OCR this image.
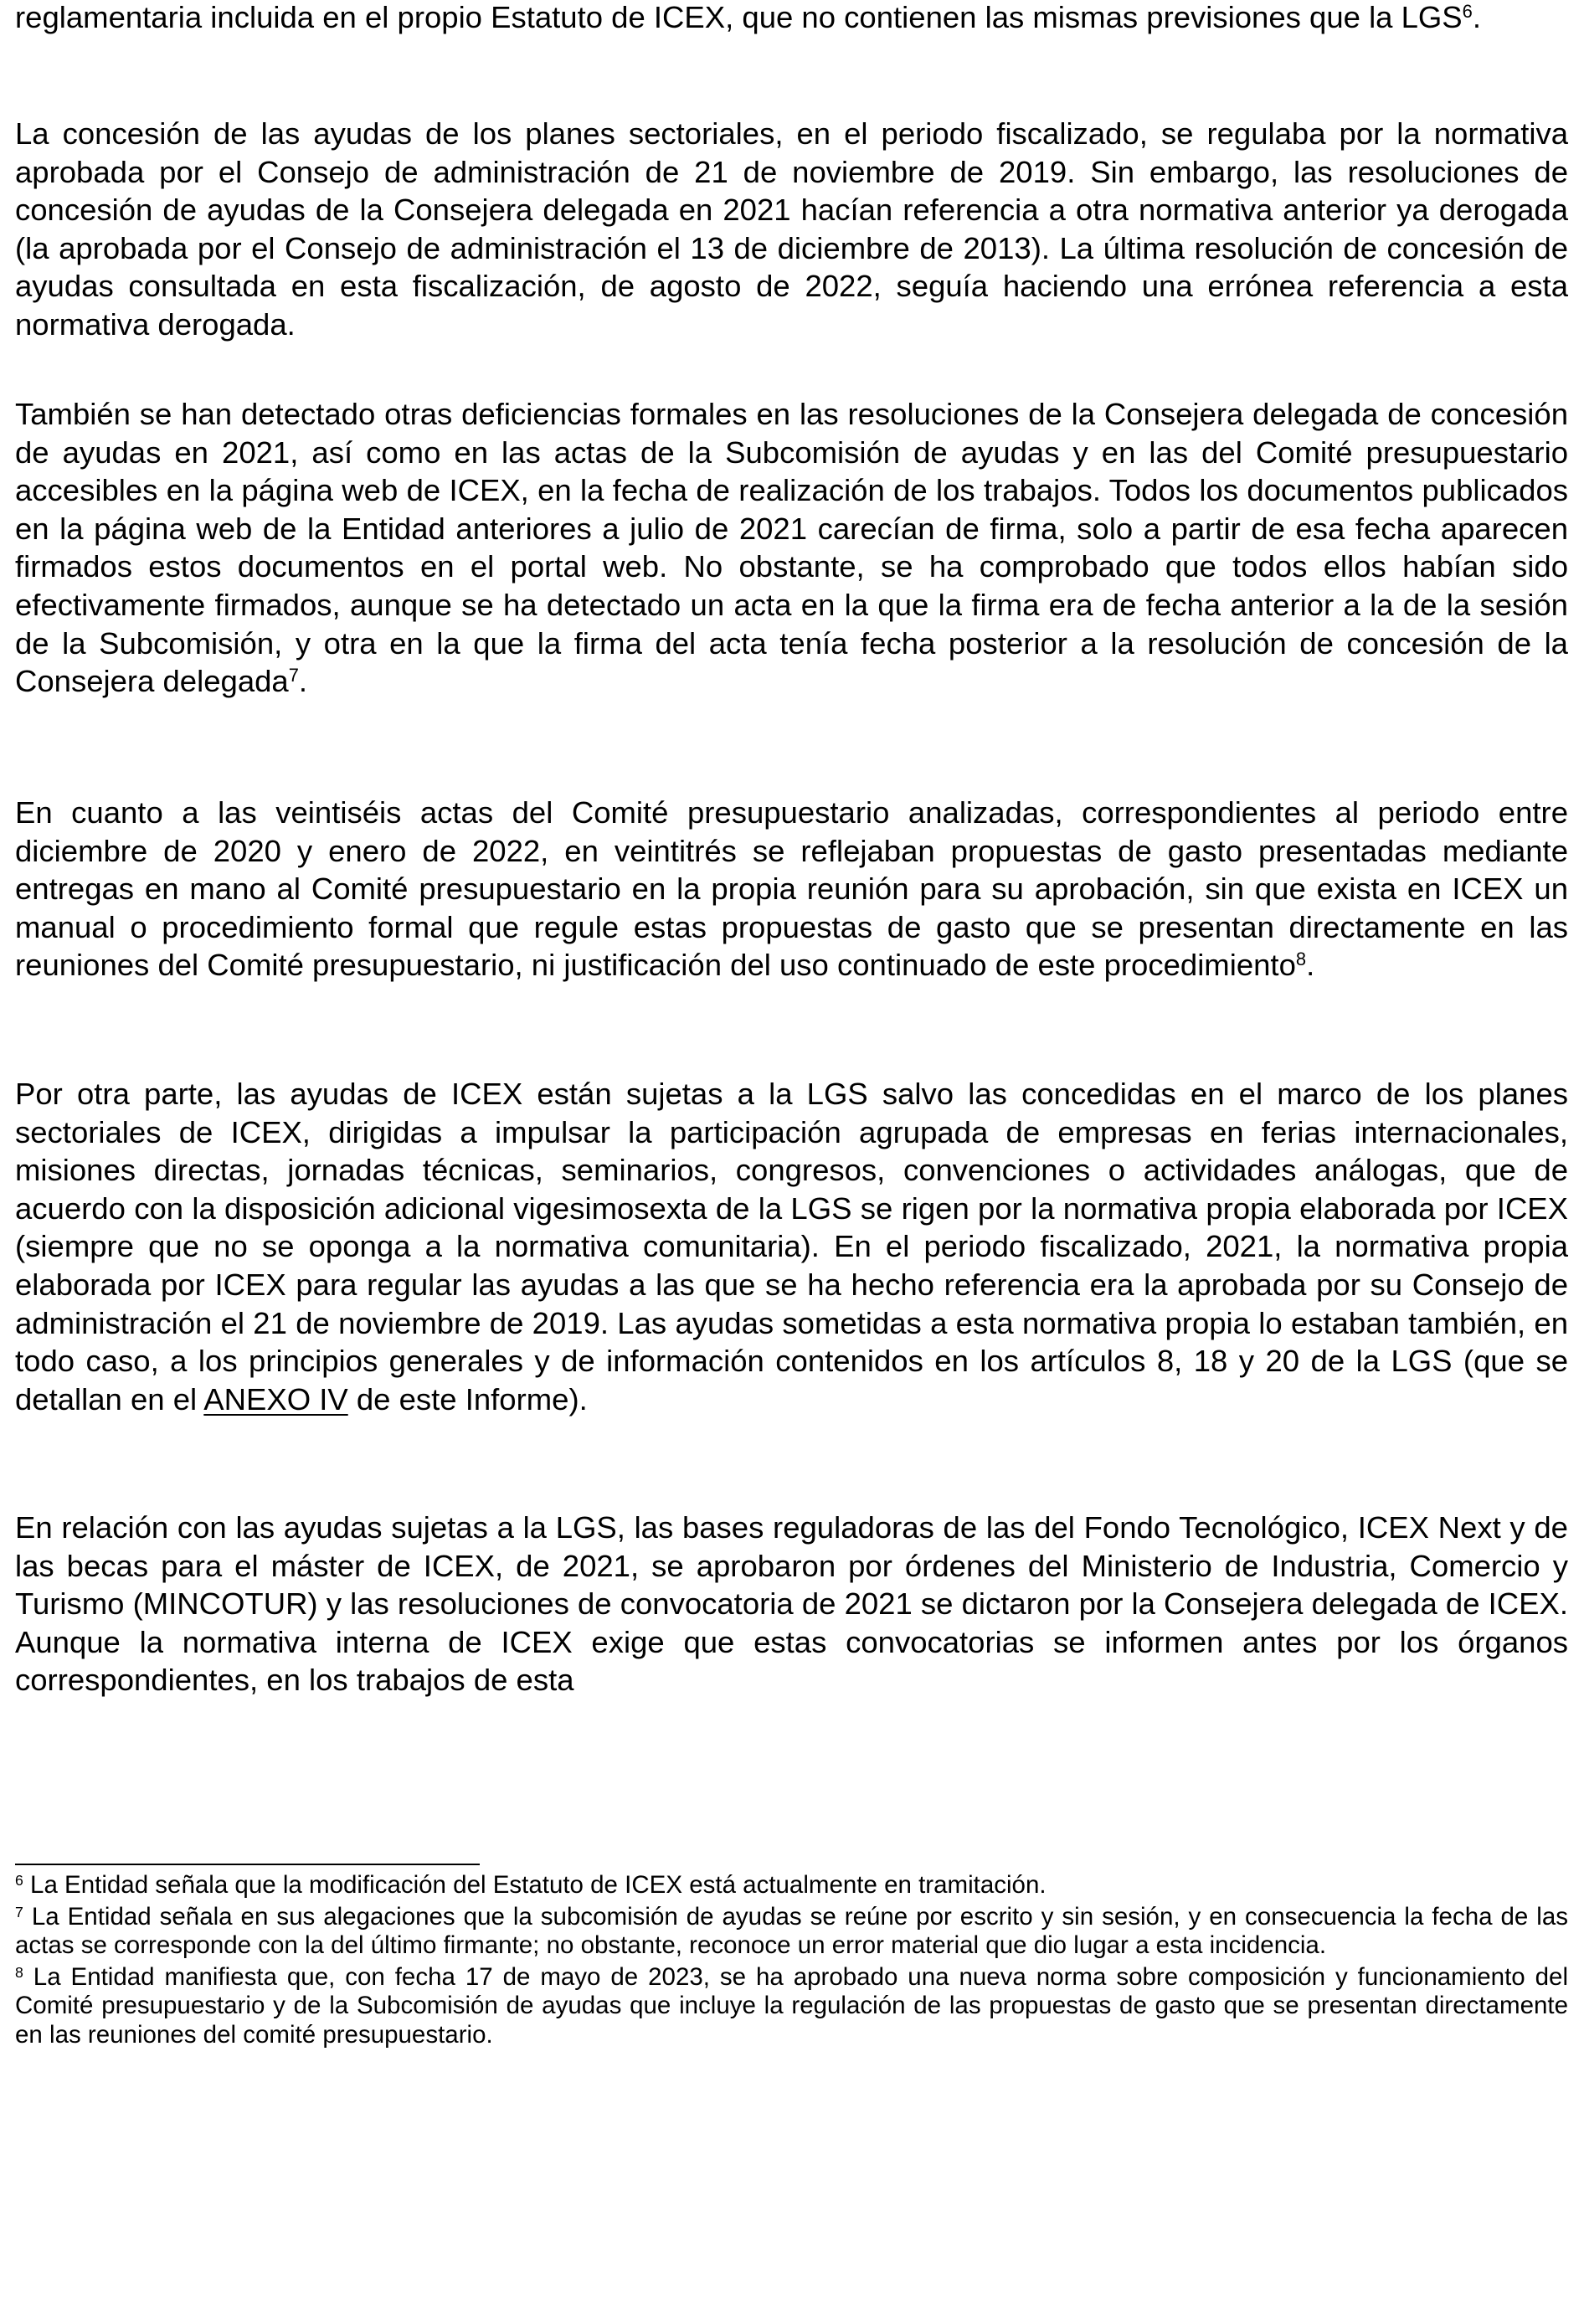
reglamentaria incluida en el propio Estatuto de ICEX, que no contienen las mismas previsiones que la LGS$^6$.

La concesión de las ayudas de los planes sectoriales, en el periodo fiscalizado, se regulaba por la normativa aprobada por el Consejo de administración de 21 de noviembre de 2019. Sin embargo, las resoluciones de concesión de ayudas de la Consejera delegada en 2021 hacían referencia a otra normativa anterior ya derogada (la aprobada por el Consejo de administración el 13 de diciembre de 2013). La última resolución de concesión de ayudas consultada en esta fiscalización, de agosto de 2022, seguía haciendo una errónea referencia a esta normativa derogada.

También se han detectado otras deficiencias formales en las resoluciones de la Consejera delegada de concesión de ayudas en 2021, así como en las actas de la Subcomisión de ayudas y en las del Comité presupuestario accesibles en la página web de ICEX, en la fecha de realización de los trabajos. Todos los documentos publicados en la página web de la Entidad anteriores a julio de 2021 carecían de firma, solo a partir de esa fecha aparecen firmados estos documentos en el portal web. No obstante, se ha comprobado que todos ellos habían sido efectivamente firmados, aunque se ha detectado un acta en la que la firma era de fecha anterior a la de la sesión de la Subcomisión, y otra en la que la firma del acta tenía fecha posterior a la resolución de concesión de la Consejera delegada$^7$.

En cuanto a las veintiséis actas del Comité presupuestario analizadas, correspondientes al periodo entre diciembre de 2020 y enero de 2022, en veintitrés se reflejaban propuestas de gasto presentadas mediante entregas en mano al Comité presupuestario en la propia reunión para su aprobación, sin que exista en ICEX un manual o procedimiento formal que regule estas propuestas de gasto que se presentan directamente en las reuniones del Comité presupuestario, ni justificación del uso continuado de este procedimiento$^8$.

Por otra parte, las ayudas de ICEX están sujetas a la LGS salvo las concedidas en el marco de los planes sectoriales de ICEX, dirigidas a impulsar la participación agrupada de empresas en ferias internacionales, misiones directas, jornadas técnicas, seminarios, congresos, convenciones o actividades análogas, que de acuerdo con la disposición adicional vigesimosexta de la LGS se rigen por la normativa propia elaborada por ICEX (siempre que no se oponga a la normativa comunitaria). En el periodo fiscalizado, 2021, la normativa propia elaborada por ICEX para regular las ayudas a las que se ha hecho referencia era la aprobada por su Consejo de administración el 21 de noviembre de 2019. Las ayudas sometidas a esta normativa propia lo estaban también, en todo caso, a los principios generales y de información contenidos en los artículos 8, 18 y 20 de la LGS (que se detallan en el ANEXO IV de este Informe).

En relación con las ayudas sujetas a la LGS, las bases reguladoras de las del Fondo Tecnológico, ICEX Next y de las becas para el máster de ICEX, de 2021, se aprobaron por órdenes del Ministerio de Industria, Comercio y Turismo (MINCOTUR) y las resoluciones de convocatoria de 2021 se dictaron por la Consejera delegada de ICEX. Aunque la normativa interna de ICEX exige que estas convocatorias se informen antes por los órganos correspondientes, en los trabajos de esta

$^6$ La Entidad señala que la modificación del Estatuto de ICEX está actualmente en tramitación.

$^7$ La Entidad señala en sus alegaciones que la subcomisión de ayudas se reúne por escrito y sin sesión, y en consecuencia la fecha de las actas se corresponde con la del último firmante; no obstante, reconoce un error material que dio lugar a esta incidencia.

$^8$ La Entidad manifiesta que, con fecha 17 de mayo de 2023, se ha aprobado una nueva norma sobre composición y funcionamiento del Comité presupuestario y de la Subcomisión de ayudas que incluye la regulación de las propuestas de gasto que se presentan directamente en las reuniones del comité presupuestario.
